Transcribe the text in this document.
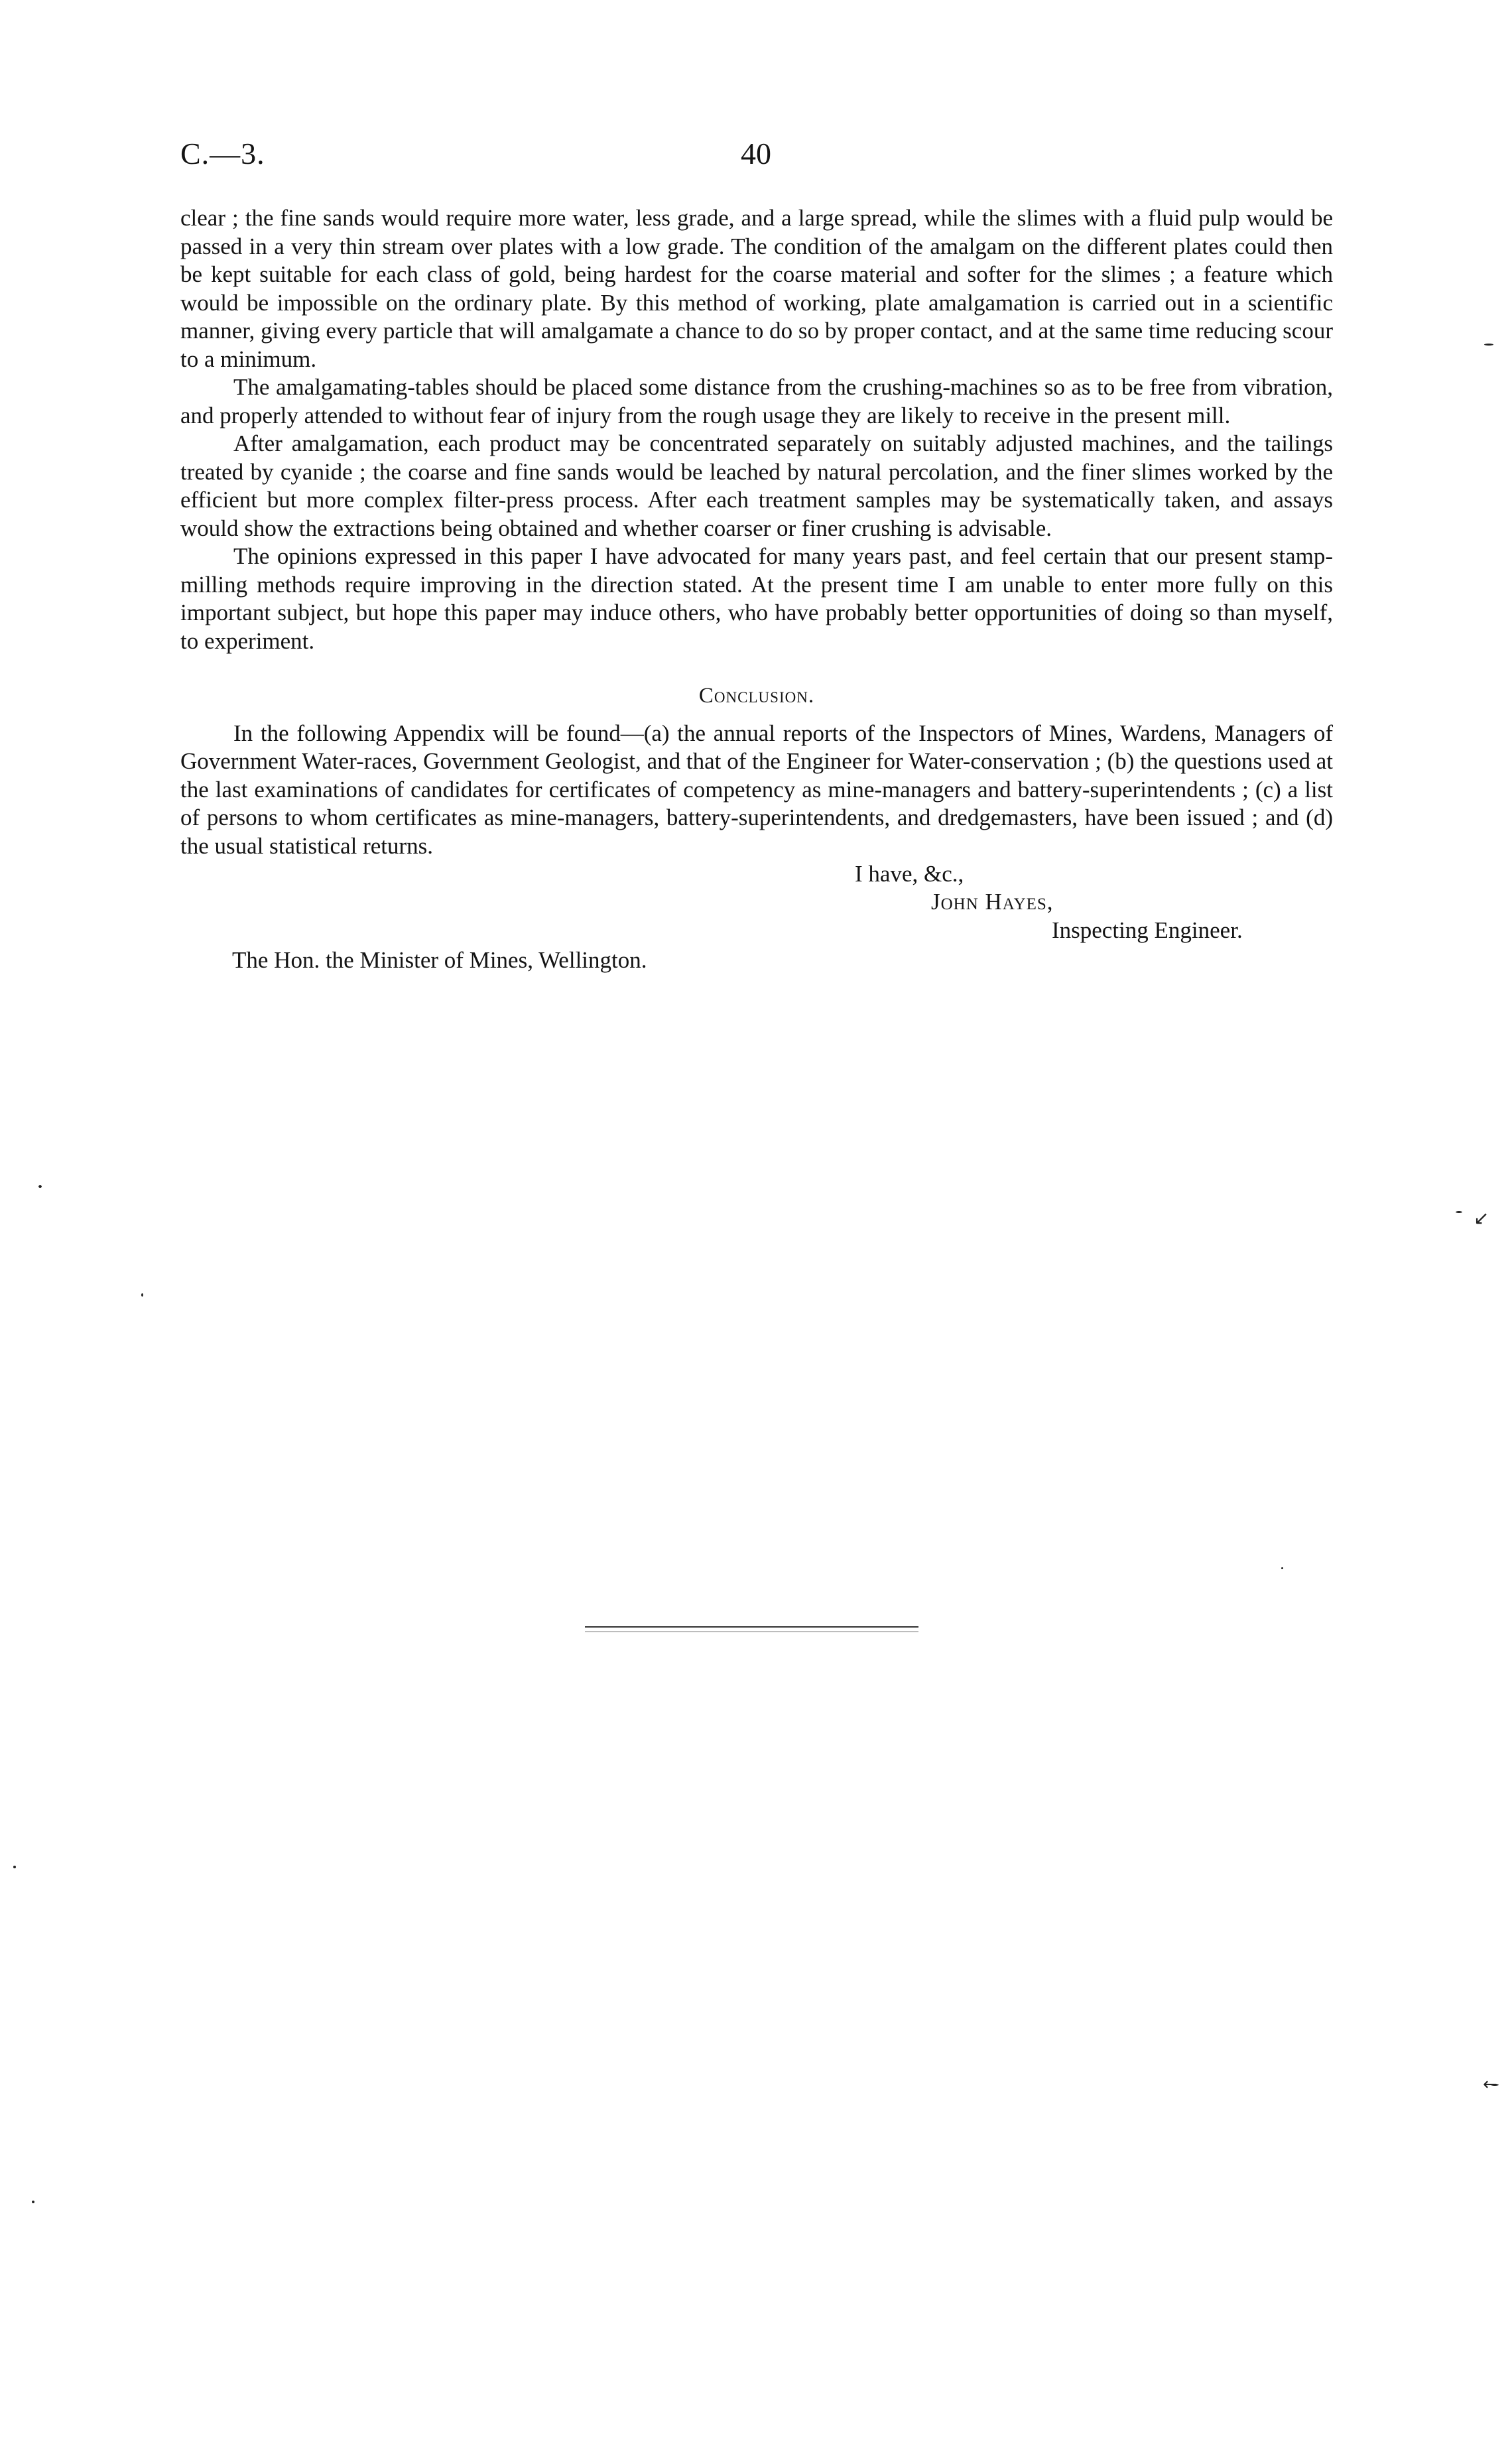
C.—3.	40

clear ; the fine sands would require more water, less grade, and a large spread, while the slimes with a fluid pulp would be passed in a very thin stream over plates with a low grade. The condition of the amalgam on the different plates could then be kept suitable for each class of gold, being hardest for the coarse material and softer for the slimes ; a feature which would be impossible on the ordinary plate. By this method of working, plate amalgamation is carried out in a scientific manner, giving every particle that will amalgamate a chance to do so by proper contact, and at the same time reducing scour to a minimum.

The amalgamating-tables should be placed some distance from the crushing-machines so as to be free from vibration, and properly attended to without fear of injury from the rough usage they are likely to receive in the present mill.

After amalgamation, each product may be concentrated separately on suitably adjusted machines, and the tailings treated by cyanide ; the coarse and fine sands would be leached by natural percolation, and the finer slimes worked by the efficient but more complex filter-press process. After each treatment samples may be systematically taken, and assays would show the extractions being obtained and whether coarser or finer crushing is advisable.

The opinions expressed in this paper I have advocated for many years past, and feel certain that our present stamp-milling methods require improving in the direction stated. At the present time I am unable to enter more fully on this important subject, but hope this paper may induce others, who have probably better opportunities of doing so than myself, to experiment.

Conclusion.

In the following Appendix will be found—(a) the annual reports of the Inspectors of Mines, Wardens, Managers of Government Water-races, Government Geologist, and that of the Engineer for Water-conservation ; (b) the questions used at the last examinations of candidates for certificates of competency as mine-managers and battery-superintendents ; (c) a list of persons to whom certificates as mine-managers, battery-superintendents, and dredgemasters, have been issued ; and (d) the usual statistical returns.

I have, &c.,
John Hayes,
Inspecting Engineer.

The Hon. the Minister of Mines, Wellington.

↙
←
